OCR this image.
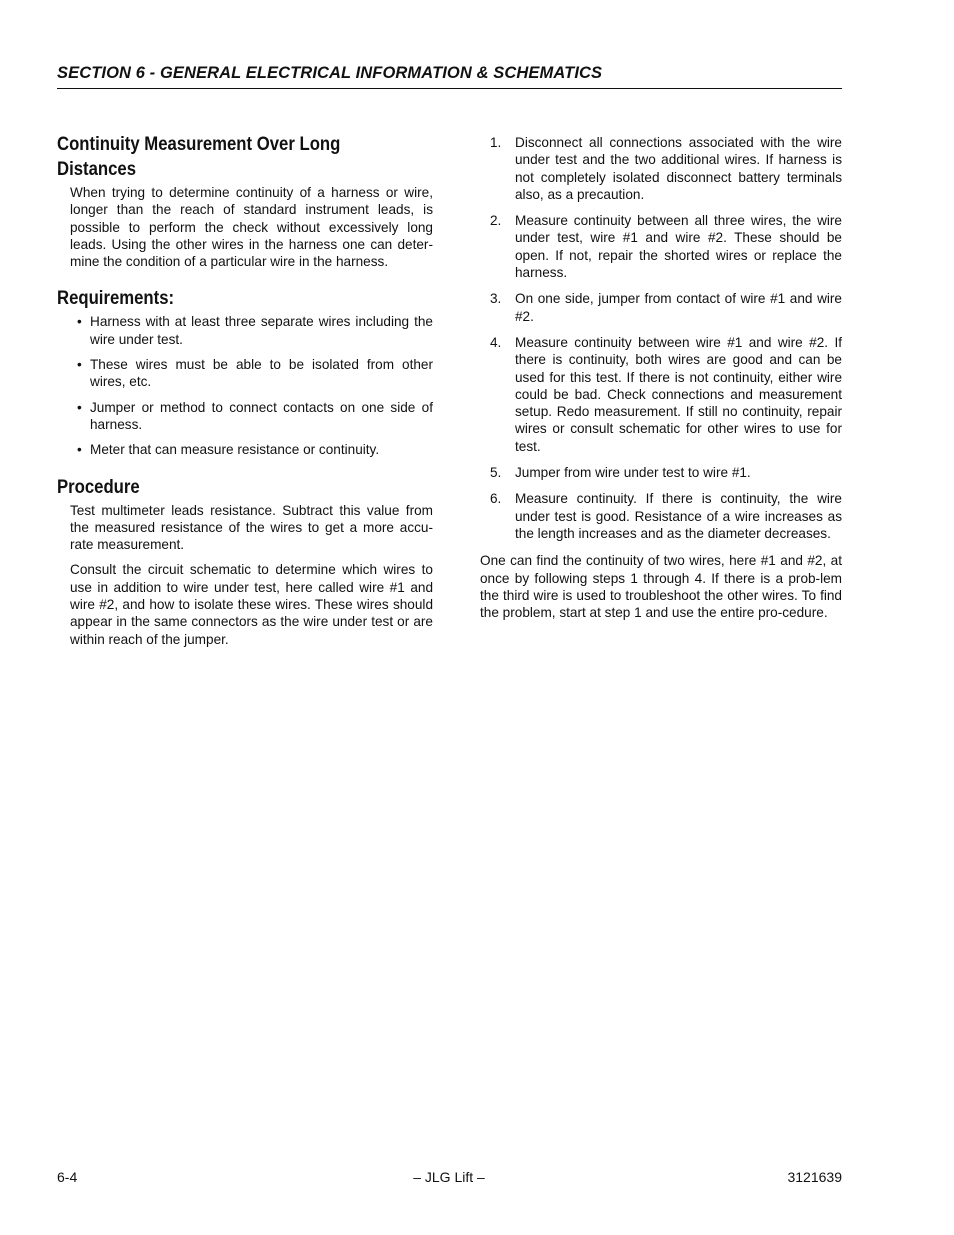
SECTION 6 - GENERAL ELECTRICAL INFORMATION & SCHEMATICS
Continuity Measurement Over Long
Distances

When trying to determine continuity of a harness or wire, longer than the reach of standard instrument leads, is possible to perform the check without excessively long leads. Using the other wires in the harness one can deter-mine the condition of a particular wire in the harness.

Requirements:
• Harness with at least three separate wires including the wire under test.
• These wires must be able to be isolated from other wires, etc.
• Jumper or method to connect contacts on one side of harness.
• Meter that can measure resistance or continuity.
Procedure

Test multimeter leads resistance. Subtract this value from the measured resistance of the wires to get a more accu-rate measurement.

Consult the circuit schematic to determine which wires to use in addition to wire under test, here called wire #1 and wire #2, and how to isolate these wires. These wires should appear in the same connectors as the wire under test or are within reach of the jumper.

1. Disconnect all connections associated with the wire under test and the two additional wires. If harness is not completely isolated disconnect battery terminals also, as a precaution.
2. Measure continuity between all three wires, the wire under test, wire #1 and wire #2. These should be open. If not, repair the shorted wires or replace the harness.
3. On one side, jumper from contact of wire #1 and wire #2.
4. Measure continuity between wire #1 and wire #2. If there is continuity, both wires are good and can be used for this test. If there is not continuity, either wire could be bad. Check connections and measurement setup. Redo measurement. If still no continuity, repair wires or consult schematic for other wires to use for test.
5. Jumper from wire under test to wire #1.
6. Measure continuity. If there is continuity, the wire under test is good. Resistance of a wire increases as the length increases and as the diameter decreases.

One can find the continuity of two wires, here #1 and #2, at once by following steps 1 through 4. If there is a prob-lem the third wire is used to troubleshoot the other wires. To find the problem, start at step 1 and use the entire pro-cedure.

6-4	– JLG Lift –	3121639
